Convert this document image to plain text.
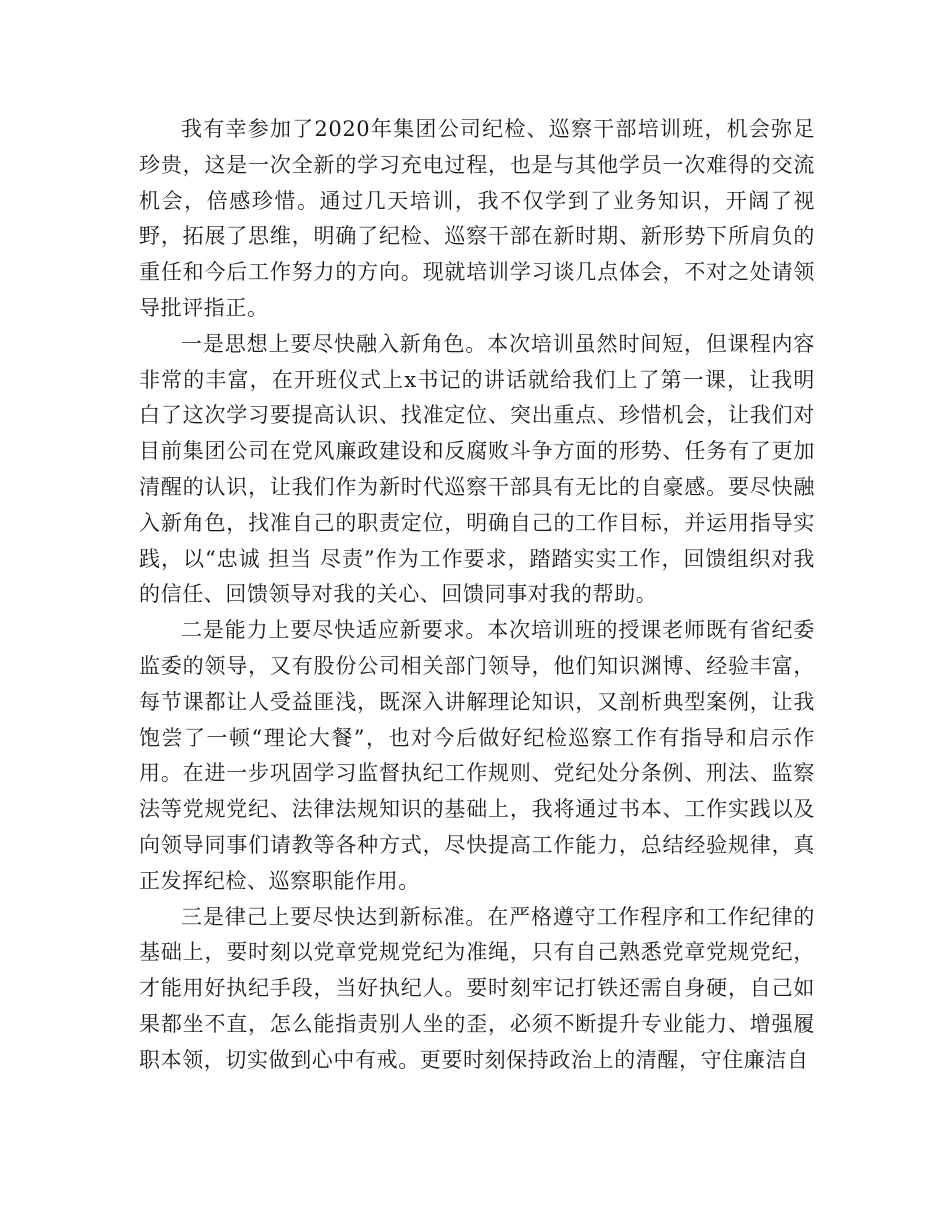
我有幸参加了2020年集团公司纪检、巡察干部培训班，机会弥足珍贵，这是一次全新的学习充电过程，也是与其他学员一次难得的交流机会，倍感珍惜。通过几天培训，我不仅学到了业务知识，开阔了视野，拓展了思维，明确了纪检、巡察干部在新时期、新形势下所肩负的重任和今后工作努力的方向。现就培训学习谈几点体会，不对之处请领导批评指正。

一是思想上要尽快融入新角色。本次培训虽然时间短，但课程内容非常的丰富，在开班仪式上x书记的讲话就给我们上了第一课，让我明白了这次学习要提高认识、找准定位、突出重点、珍惜机会，让我们对目前集团公司在党风廉政建设和反腐败斗争方面的形势、任务有了更加清醒的认识，让我们作为新时代巡察干部具有无比的自豪感。要尽快融入新角色，找准自己的职责定位，明确自己的工作目标，并运用指导实践，以“忠诚 担当 尽责”作为工作要求，踏踏实实工作，回馈组织对我的信任、回馈领导对我的关心、回馈同事对我的帮助。

二是能力上要尽快适应新要求。本次培训班的授课老师既有省纪委监委的领导，又有股份公司相关部门领导，他们知识渊博、经验丰富，每节课都让人受益匪浅，既深入讲解理论知识，又剖析典型案例，让我饱尝了一顿“理论大餐”，也对今后做好纪检巡察工作有指导和启示作用。在进一步巩固学习监督执纪工作规则、党纪处分条例、刑法、监察法等党规党纪、法律法规知识的基础上，我将通过书本、工作实践以及向领导同事们请教等各种方式，尽快提高工作能力，总结经验规律，真正发挥纪检、巡察职能作用。

三是律己上要尽快达到新标准。在严格遵守工作程序和工作纪律的基础上，要时刻以党章党规党纪为准绳，只有自己熟悉党章党规党纪，才能用好执纪手段，当好执纪人。要时刻牢记打铁还需自身硬，自己如果都坐不直，怎么能指责别人坐的歪，必须不断提升专业能力、增强履职本领，切实做到心中有戒。更要时刻保持政治上的清醒，守住廉洁自
